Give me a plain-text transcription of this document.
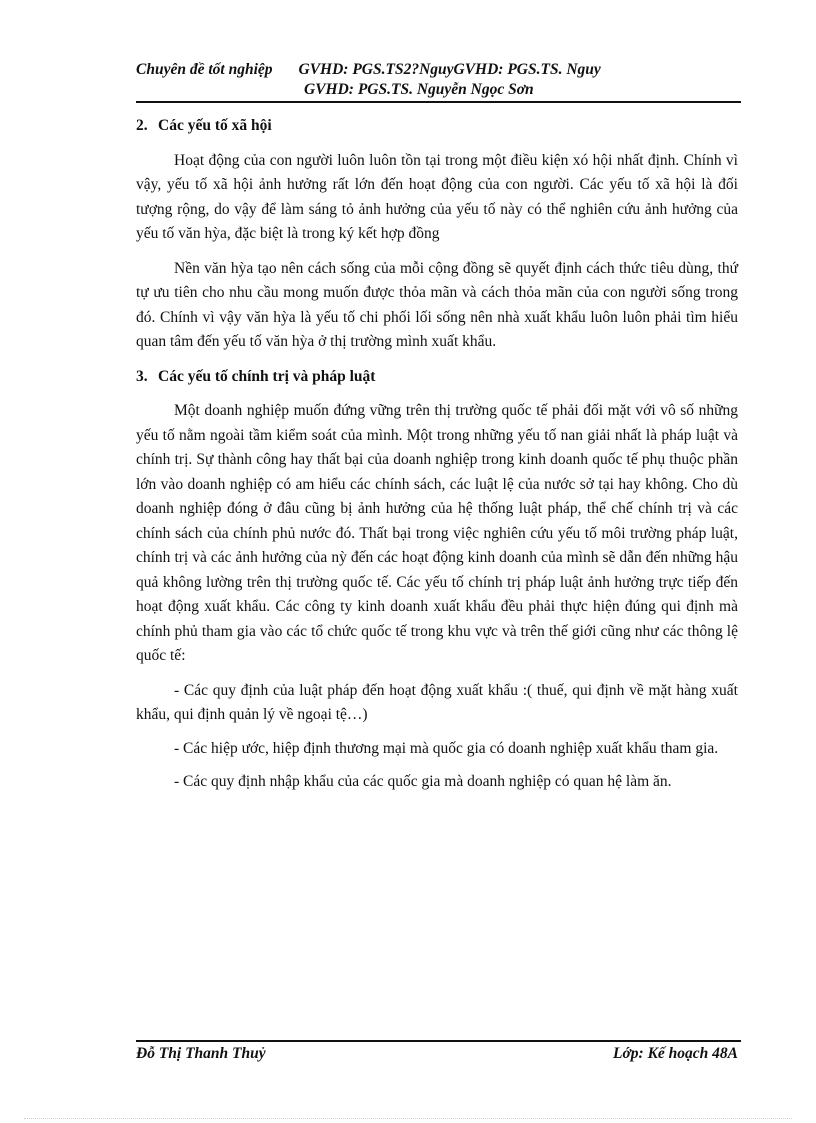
Chuyên đề tốt nghiệp GVHD: PGS.TS2?NguyGVHD: PGS.TS. Nguy
GVHD: PGS.TS. Nguyễn Ngọc Sơn
2. Các yếu tố xã hội

Hoạt động của con người luôn luôn tồn tại trong một điều kiện xó hội nhất định. Chính vì vậy, yếu tố xã hội ảnh hưởng rất lớn đến hoạt động của con người. Các yếu tố xã hội là đối tượng rộng, do vậy để làm sáng tỏ ảnh hưởng của yếu tố này có thể nghiên cứu ảnh hưởng của yếu tố văn hỳa, đặc biệt là trong ký kết hợp đồng

Nền văn hỳa tạo nên cách sống của mỗi cộng đồng sẽ quyết định cách thức tiêu dùng, thứ tự ưu tiên cho nhu cầu mong muốn được thỏa mãn và cách thỏa mãn của con người sống trong đó. Chính vì vậy văn hỳa là yếu tố chi phối lối sống nên nhà xuất khẩu luôn luôn phải tìm hiểu quan tâm đến yếu tố văn hỳa ở thị trường mình xuất khẩu.

3. Các yếu tố chính trị và pháp luật

Một doanh nghiệp muốn đứng vững trên thị trường quốc tế phải đối mặt với vô số những yếu tố nằm ngoài tầm kiểm soát của mình. Một trong những yếu tố nan giải nhất là pháp luật và chính trị. Sự thành công hay thất bại của doanh nghiệp trong kinh doanh quốc tế phụ thuộc phần lớn vào doanh nghiệp có am hiểu các chính sách, các luật lệ của nước sở tại hay không. Cho dù doanh nghiệp đóng ở đâu cũng bị ảnh hưởng của hệ thống luật pháp, thể chế chính trị và các chính sách của chính phủ nước đó. Thất bại trong việc nghiên cứu yếu tố môi trường pháp luật, chính trị và các ảnh hưởng của nỳ đến các hoạt động kinh doanh của mình sẽ dẫn đến những hậu quả không lường trên thị trường quốc tế. Các yếu tố chính trị pháp luật ảnh hưởng trực tiếp đến hoạt động xuất khẩu. Các công ty kinh doanh xuất khẩu đều phải thực hiện đúng qui định mà chính phủ tham gia vào các tổ chức quốc tế trong khu vực và trên thế giới cũng như các thông lệ quốc tế:

- Các quy định của luật pháp đến hoạt động xuất khẩu :( thuế, qui định về mặt hàng xuất khẩu, qui định quản lý về ngoại tệ…)

- Các hiệp ước, hiệp định thương mại mà quốc gia có doanh nghiệp xuất khẩu tham gia.

- Các quy định nhập khẩu của các quốc gia mà doanh nghiệp có quan hệ làm ăn.

Đỗ Thị Thanh Thuỷ	Lớp: Kế hoạch 48A
